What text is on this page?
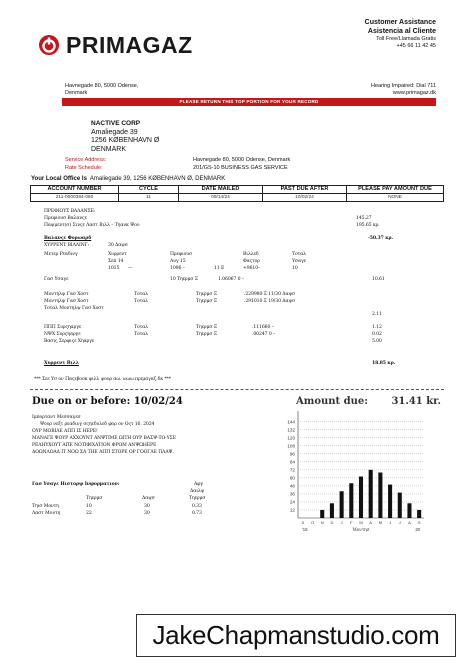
PRIMAGAZ
Customer Assistance
Asistencia al Cliente
Toll Free/Llamada Gratis
+45 66 11 42 45
Havnegade 80, 5000 Odense,
Denmark
Hearing Impaired: Dial 711
www.primagaz.dk
PLEASE RETURN THIS TOP PORTION FOR YOUR RECORD
NACTIVE CORP
Amaliegade 39
1256 KØBENHAVN Ø
DENMARK
Service Address:
Rate Schedule:
Havnegade 80, 5000 Odense, Denmark
201/GS-10 BUSINESS GAS SERVICE
Your Local Office Is Amaliegade 39, 1256 KØBENHAVN Ø, DENMARK
ACCOUNT NUMBER	CYCLE	DATE MAILED	PAST DUE AFTER	PLEASE PAY AMOUNT DUE
211-0000384-060	11	09/14/24	10/02/24	NONE
ΠΡΕΦΙΟΥΣ ΒΑΛΑΝΣΕ:
Πρεφιουσ Βαλανςε	145.27
Παψμεντ(σ) Σινςε Λαστ Βιλλ – Τηανκ Ψου	195.65 κρ.
Βαλανςε Φορωαρδ	-50.37 κρ.
ΧΥΡΡΕΝΤ ΒΙΛΛΙΝΓ:	30 Δαψσ
Μετερ Ρεαδινγ	Χυρρεντ	Πρεφιουσ	Βιλλεδ	Τοταλ
Σεπ 14	Αυγ 15	Φαςτορ	Υσαγε
1015 —	1096 –	11 Ε	+9610–	10
Γασ Υσαγε	10 Τηερμσ Ξ	1.06067 0 –	10.61
Μοντηλψ Γασ Χοστ	Τοταλ	Τηερμσ Ξ	.229980 Ξ 11/30 Δαψσ
Μοντηλψ Γασ Χοστ	Τοταλ	Τηερμσ Ξ	.291010 Ξ 19/30 Δαψσ
Τοταλ Μοντηλψ Γασ Χοστ
2.11
ΠΠΠ Συρςηαργε	Τοταλ	Τηερμσ Ξ	.111660 –	1.12
ΝΨΧ Συρςηαργε	Τοταλ	Τηερμσ Ξ	.00247 0 –	0.02
Βασις Σερφιςε Χηαργε	5.00
Χυρρεντ Βιλλ	18.85 κρ.
*** Σεε Υσ ον Παςεβοοκ φιλλ ψουρ αω. ωωω.πριμαγαζ.δκ ***
Due on or before: 10/02/24	Amount due: 31.41 kr.
Ιμπορταντ Μεσσαγεσ
Ψουρ νεξτ ρεαδινγ σςηεδυλεδ φορ ον Οςτ 16, 2024
ΟΥΡ ΜΟΒΙΛΕ ΑΠΠ ΙΣ ΗΕΡΕ!
ΜΑΝΑΓΕ ΨΟΥΡ ΑΧΧΟΥΝΤ ΑΝΨΤΙΜΕ ΩΙΤΗ ΟΥΡ ΒΑΣΨ-ΤΟ-ΥΣΕ
ΡΕΛΗΥΧΟΥΤ ΑΠΕ ΝΟΤΙΦΙΧΑΤΙΟΝ ΦΡΟΜ ΑΝΨΩΗΕΡΕ
ΔΟΩΝΛΟΑΔ ΙΤ ΝΟΩ ΣΑ ΤΗΕ ΑΠΠ ΣΤΟΡΕ ΟΡ ΓΟΟΓΛΕ ΠΛΑΨ.
Γασ Υσαγε Ηιστορψ Ινφορματιον:	Αφγ
Δαιλψ
Τηερμσ	Δαψσ	Τηερμσ
Τηισ Μοντη	10	30	0.33
Λαστ Μοντη	22	30	0.73
12
24
36
48
60
72
84
96
108
120
132
144
S O N D J F M A M J J A S
'19	20
Μοντησ
JakeChapmanstudio.com
